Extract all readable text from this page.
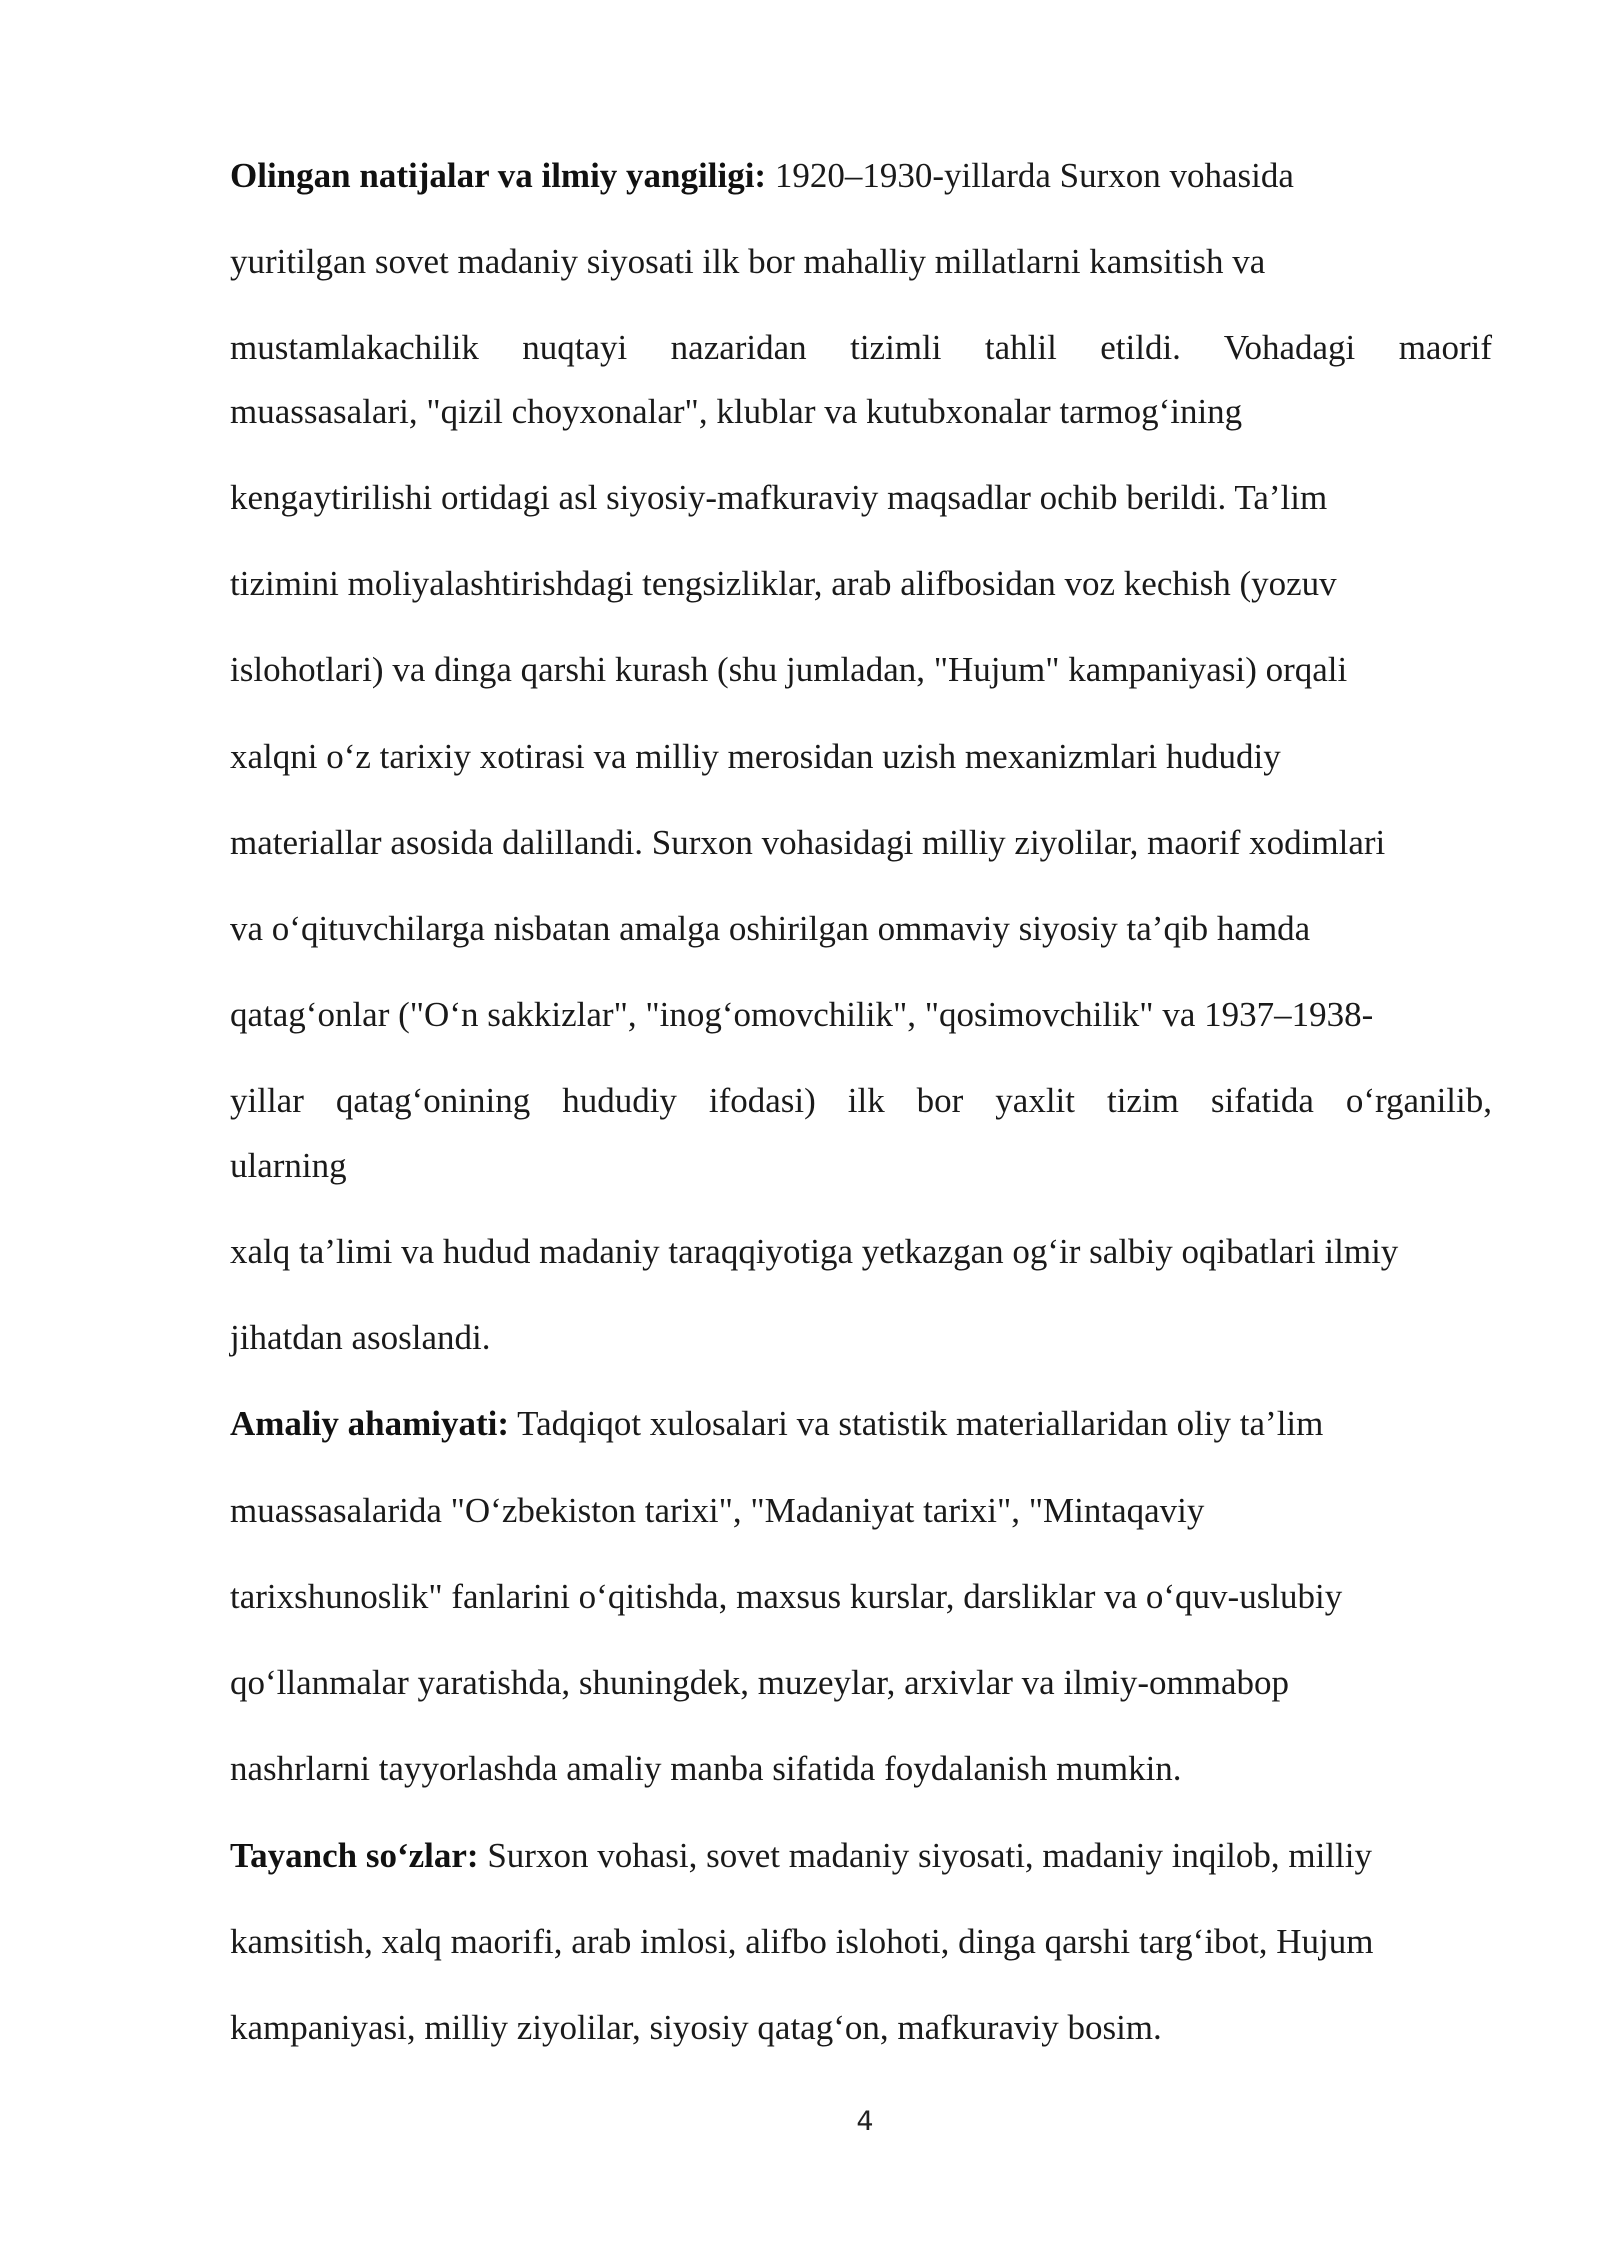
Olingan natijalar va ilmiy yangiligi: 1920–1930-yillarda Surxon vohasida
yuritilgan sovet madaniy siyosati ilk bor mahalliy millatlarni kamsitish va
mustamlakachilik nuqtayi nazaridan tizimli tahlil etildi. Vohadagi maorif
muassasalari, "qizil choyxonalar", klublar va kutubxonalar tarmog‘ining
kengaytirilishi ortidagi asl siyosiy-mafkuraviy maqsadlar ochib berildi. Ta’lim
tizimini moliyalashtirishdagi tengsizliklar, arab alifbosidan voz kechish (yozuv
islohotlari) va dinga qarshi kurash (shu jumladan, "Hujum" kampaniyasi) orqali
xalqni o‘z tarixiy xotirasi va milliy merosidan uzish mexanizmlari hududiy
materiallar asosida dalillandi. Surxon vohasidagi milliy ziyolilar, maorif xodimlari
va o‘qituvchilarga nisbatan amalga oshirilgan ommaviy siyosiy ta’qib hamda
qatag‘onlar ("O‘n sakkizlar", "inog‘omovchilik", "qosimovchilik" va 1937–1938-
yillar qatag‘onining hududiy ifodasi) ilk bor yaxlit tizim sifatida o‘rganilib,
ularning
xalq ta’limi va hudud madaniy taraqqiyotiga yetkazgan og‘ir salbiy oqibatlari ilmiy
jihatdan asoslandi.
Amaliy ahamiyati: Tadqiqot xulosalari va statistik materiallaridan oliy ta’lim
muassasalarida "O‘zbekiston tarixi", "Madaniyat tarixi", "Mintaqaviy
tarixshunoslik" fanlarini o‘qitishda, maxsus kurslar, darsliklar va o‘quv-uslubiy
qo‘llanmalar yaratishda, shuningdek, muzeylar, arxivlar va ilmiy-ommabop
nashrlarni tayyorlashda amaliy manba sifatida foydalanish mumkin.
Tayanch so‘zlar: Surxon vohasi, sovet madaniy siyosati, madaniy inqilob, milliy
kamsitish, xalq maorifi, arab imlosi, alifbo islohoti, dinga qarshi targ‘ibot, Hujum
kampaniyasi, milliy ziyolilar, siyosiy qatag‘on, mafkuraviy bosim.
4
